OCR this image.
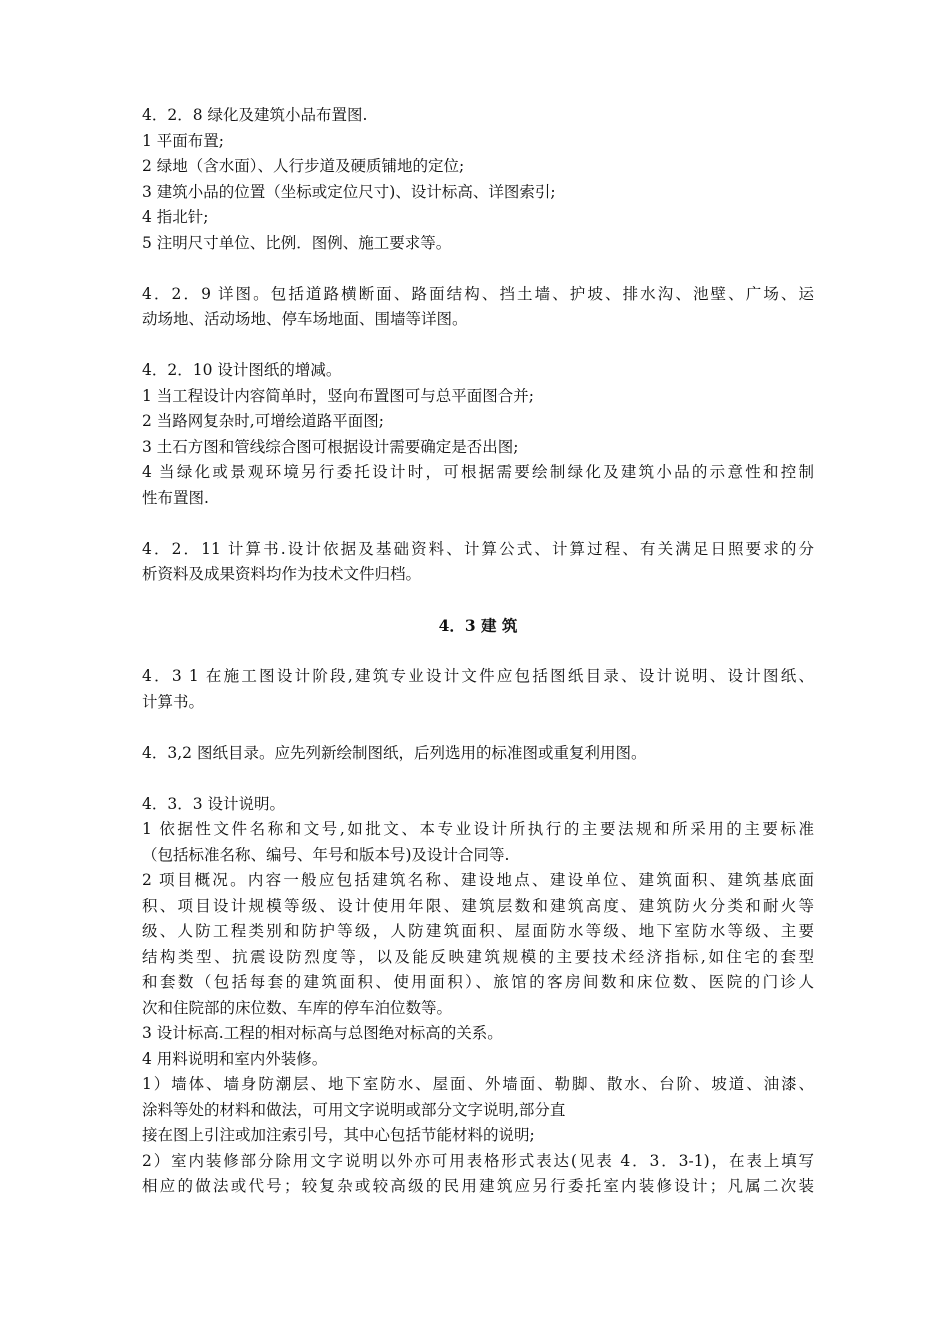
4．2．8 绿化及建筑小品布置图.
1 平面布置;
2 绿地（含水面）、人行步道及硬质铺地的定位;
3 建筑小品的位置（坐标或定位尺寸)、设计标高、详图索引;
4 指北针;
5 注明尺寸单位、比例．图例、施工要求等。
4．2．9 详图。包括道路横断面、路面结构、挡土墙、护坡、排水沟、池壁、广场、运
动场地、活动场地、停车场地面、围墙等详图。
4．2．10 设计图纸的增减。
1 当工程设计内容简单时，竖向布置图可与总平面图合并;
2 当路网复杂时,可增绘道路平面图;
3 土石方图和管线综合图可根据设计需要确定是否出图;
4 当绿化或景观环境另行委托设计时，可根据需要绘制绿化及建筑小品的示意性和控制
性布置图.
4．2．11 计算书.设计依据及基础资料、计算公式、计算过程、有关满足日照要求的分
析资料及成果资料均作为技术文件归档。
4．3 建 筑
4．3 1 在施工图设计阶段,建筑专业设计文件应包括图纸目录、设计说明、设计图纸、
计算书。
4．3,2 图纸目录。应先列新绘制图纸，后列选用的标准图或重复利用图。
4．3．3 设计说明。
1 依据性文件名称和文号,如批文、本专业设计所执行的主要法规和所采用的主要标准
（包括标准名称、编号、年号和版本号)及设计合同等.
2 项目概况。内容一般应包括建筑名称、建设地点、建设单位、建筑面积、建筑基底面
积、项目设计规模等级、设计使用年限、建筑层数和建筑高度、建筑防火分类和耐火等
级、人防工程类别和防护等级，人防建筑面积、屋面防水等级、地下室防水等级、主要
结构类型、抗震设防烈度等，以及能反映建筑规模的主要技术经济指标,如住宅的套型
和套数（包括每套的建筑面积、使用面积）、旅馆的客房间数和床位数、医院的门诊人
次和住院部的床位数、车库的停车泊位数等。
3 设计标高.工程的相对标高与总图绝对标高的关系。
4 用料说明和室内外装修。
1）墙体、墙身防潮层、地下室防水、屋面、外墙面、勒脚、散水、台阶、坡道、油漆、
涂料等处的材料和做法，可用文字说明或部分文字说明,部分直
接在图上引注或加注索引号，其中心包括节能材料的说明;
2）室内装修部分除用文字说明以外亦可用表格形式表达(见表 4．3．3-1)，在表上填写
相应的做法或代号；较复杂或较高级的民用建筑应另行委托室内装修设计；凡属二次装
